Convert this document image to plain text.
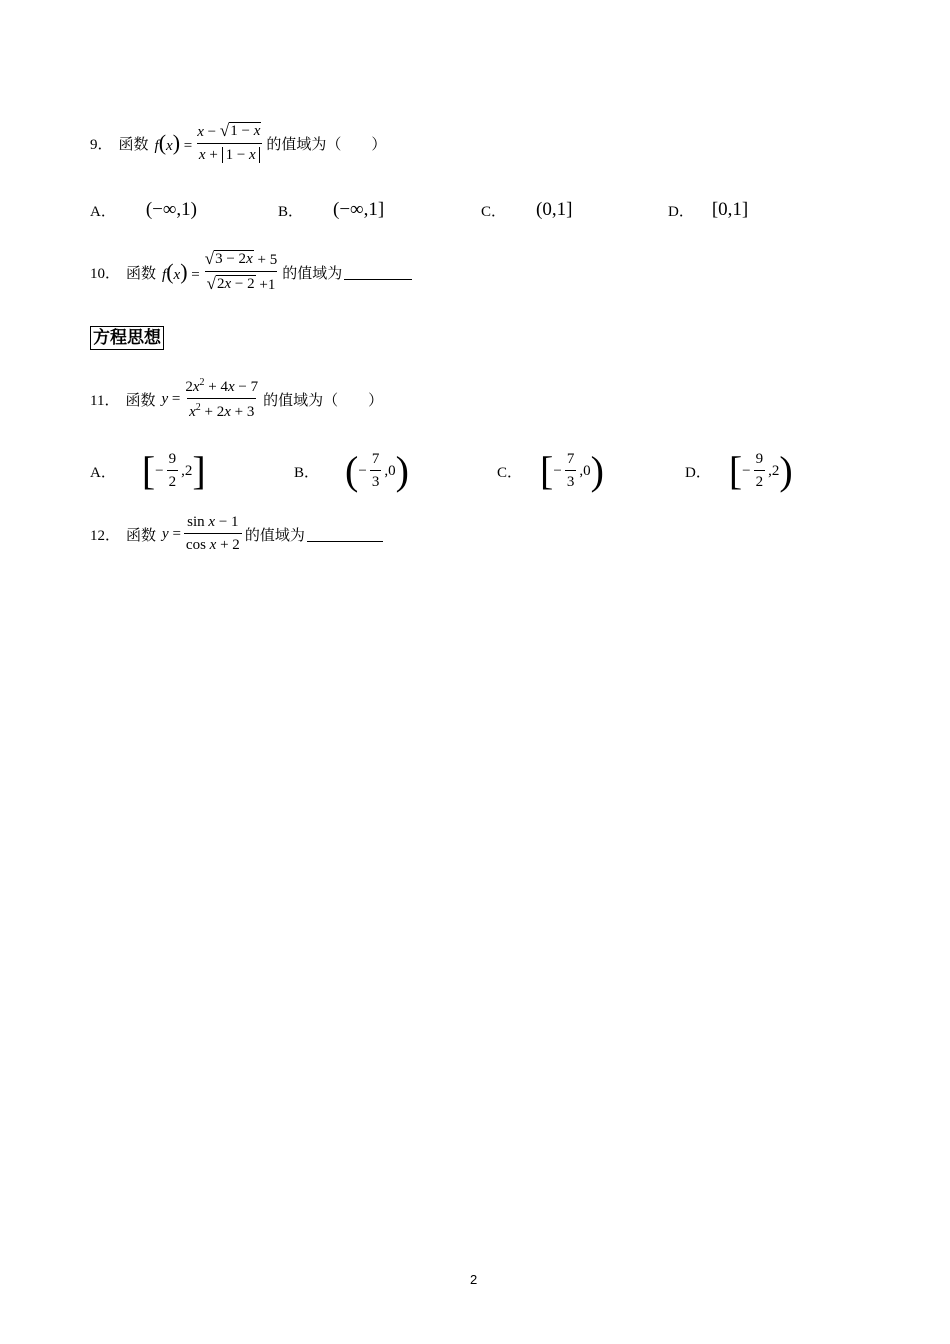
9． 函数 $f(x) = \frac{x - √ 1 - x}{x + 1 - x}$ 的值域为（　　）
A． (−∞,1)	B． (−∞,1]	C． (0,1]	D． [0,1]
10． 函数 $f(x) = \frac{√ 3 - 2x + 5}{√ 2x - 2 +1}$ 的值域为
方程思想
11． 函数 $y = \frac{2x^2 + 4x - 7}{x^2 + 2x + 3}$ 的值域为（　　）
A． [ − $\frac{9}{2} ,2$ ]	B． ( − $\frac{7}{3} ,0$ )	C． [ − $\frac{7}{3} ,0$ )	D． [ − $\frac{9}{2} ,2$ )
12． 函数 $y = \frac{\text{sin x − 1}}{\text{cos x + 2}}$ 的值域为
2
